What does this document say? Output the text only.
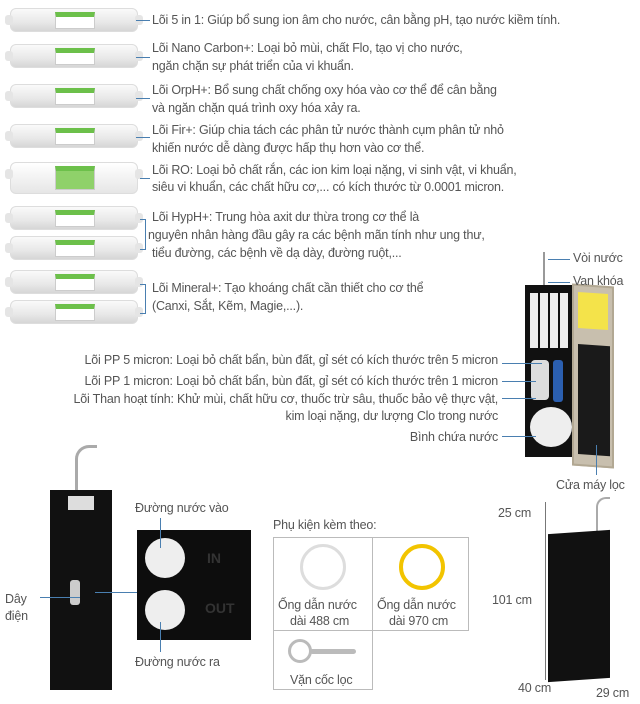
Lõi 5 in 1: Giúp bổ sung ion âm cho nước, cân bằng pH, tạo nước kiềm tính.
Lõi Nano Carbon+: Loại bỏ mùi, chất Flo, tạo vị cho nước,
ngăn chặn sự phát triển của vi khuẩn.
Lõi OrpH+: Bổ sung chất chống oxy hóa vào cơ thể để cân bằng
và ngăn chặn quá trình oxy hóa xảy ra.
Lõi Fir+: Giúp chia tách các phân tử nước thành cụm phân tử nhỏ
khiến nước dễ dàng được hấp thụ hơn vào cơ thể.
Lõi RO: Loại bỏ chất rắn, các ion kim loại nặng, vi sinh vật, vi khuẩn,
siêu vi khuẩn, các chất hữu cơ,... có kích thước từ 0.0001 micron.
Lõi HypH+: Trung hòa axit dư thừa trong cơ thể là
nguyên nhân hàng đầu gây ra các bệnh mãn tính như ung thư,
tiểu đường, các bệnh về dạ dày, đường ruột,...
Lõi Mineral+: Tạo khoáng chất cần thiết cho cơ thể
(Canxi, Sắt, Kẽm, Magie,...).
Vòi nước
Van khóa
Lõi PP 5 micron: Loại bỏ chất bẩn, bùn đất, gỉ sét có kích thước trên 5 micron
Lõi PP 1 micron: Loại bỏ chất bẩn, bùn đất, gỉ sét có kích thước trên 1 micron
Lõi Than hoạt tính: Khử mùi, chất hữu cơ, thuốc trừ sâu, thuốc bảo vệ thực vật,
kim loại nặng, dư lượng Clo trong nước
Bình chứa nước
Cửa máy lọc
Dây
điện
IN
OUT
Đường nước vào
Đường nước ra
Phụ kiện kèm theo:
Ống dẫn nước
dài 488 cm
Ống dẫn nước
dài 970 cm
Vặn cốc lọc
25 cm
101 cm
40 cm	29 cm
